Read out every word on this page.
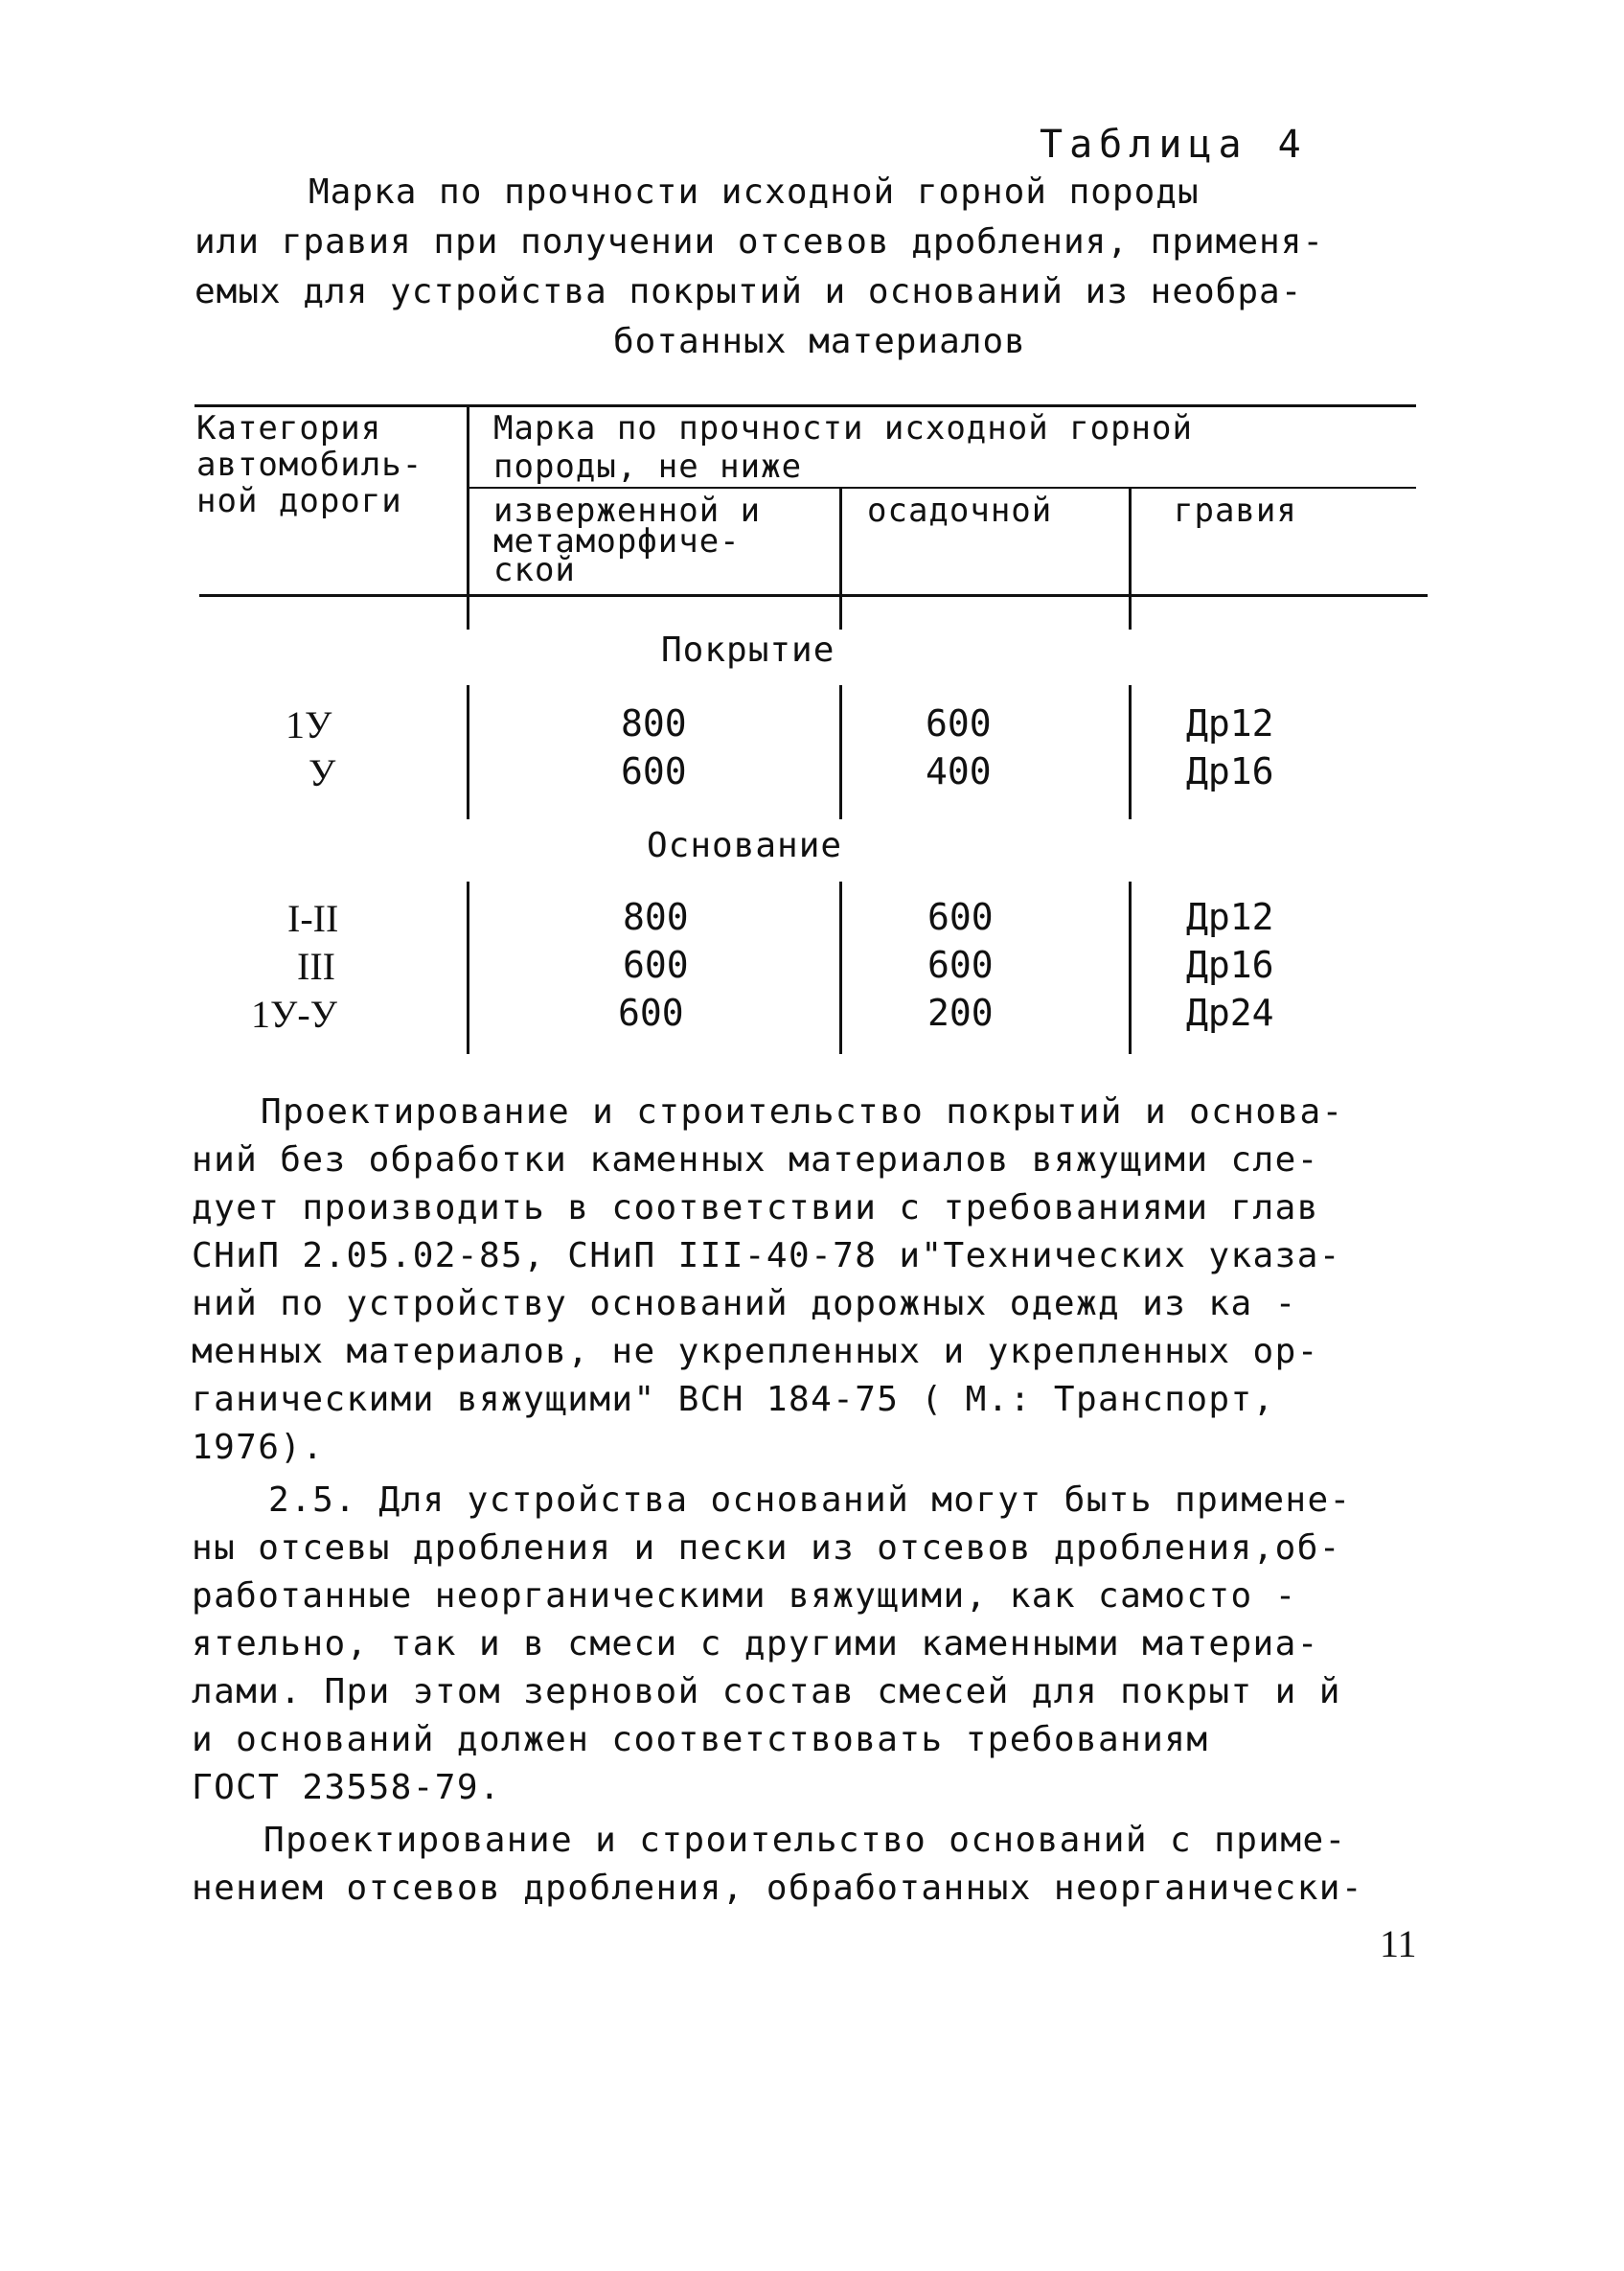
Таблица 4
Марка по прочности исходной горной породы
или гравия при получении отсевов дробления, применя-
емых для устройства покрытий и оснований из необра-
ботанных материалов
Категория
автомобиль-
ной дороги
Марка по прочности исходной горной
породы, не ниже
изверженной и
метаморфиче-
ской
осадочной	гравия
Покрытие
1У	800	600	Др12
У	600	400	Др16
Основание
I-II	800	600	Др12
III	600	600	Др16
1У-У	600	200	Др24
Проектирование и строительство покрытий и основа-
ний без обработки каменных материалов вяжущими сле-
дует производить в соответствии с требованиями глав
СНиП 2.05.02-85, СНиП III-40-78 и"Технических указа-
ний по устройству оснований дорожных одежд из ка -
менных материалов, не укрепленных и укрепленных ор-
ганическими вяжущими" ВСН 184-75 ( М.: Транспорт,
1976).
2.5. Для устройства оснований могут быть примене-
ны отсевы дробления и пески из отсевов дробления,об-
работанные неорганическими вяжущими, как самосто -
ятельно, так и в смеси с другими каменными материа-
лами. При этом зерновой состав смесей для покрыт и й
и оснований должен соответствовать требованиям
ГОСТ 23558-79.
Проектирование и строительство оснований с приме-
нением отсевов дробления, обработанных неорганически-
11
